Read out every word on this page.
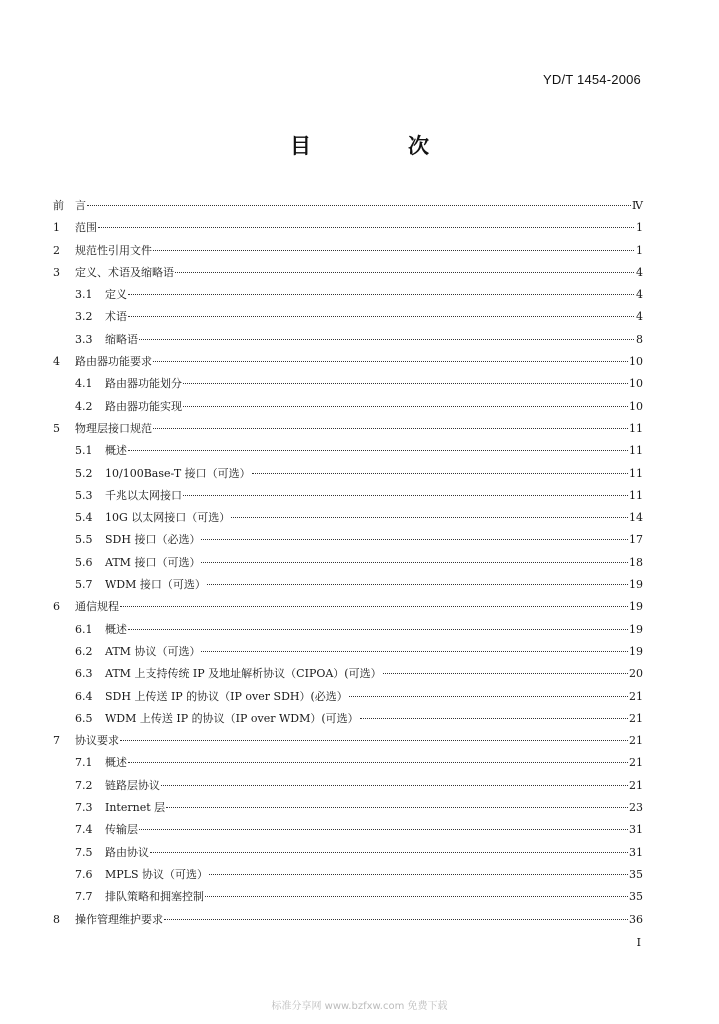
YD/T 1454-2006
目　次
前　言	Ⅳ
1	范围	1
2	规范性引用文件	1
3	定义、术语及缩略语	4
3.1	定义	4
3.2	术语	4
3.3	缩略语	8
4	路由器功能要求	10
4.1	路由器功能划分	10
4.2	路由器功能实现	10
5	物理层接口规范	11
5.1	概述	11
5.2	10/100Base-T 接口（可选）	11
5.3	千兆以太网接口	11
5.4	10G 以太网接口（可选）	14
5.5	SDH 接口（必选）	17
5.6	ATM 接口（可选）	18
5.7	WDM 接口（可选）	19
6	通信规程	19
6.1	概述	19
6.2	ATM 协议（可选）	19
6.3	ATM 上支持传统 IP 及地址解析协议（CIPOA）(可选）	20
6.4	SDH 上传送 IP 的协议（IP over SDH）(必选）	21
6.5	WDM 上传送 IP 的协议（IP over WDM）(可选）	21
7	协议要求	21
7.1	概述	21
7.2	链路层协议	21
7.3	Internet 层	23
7.4	传输层	31
7.5	路由协议	31
7.6	MPLS 协议（可选）	35
7.7	排队策略和拥塞控制	35
8	操作管理维护要求	36
I
标准分享网 www.bzfxw.com 免费下载
